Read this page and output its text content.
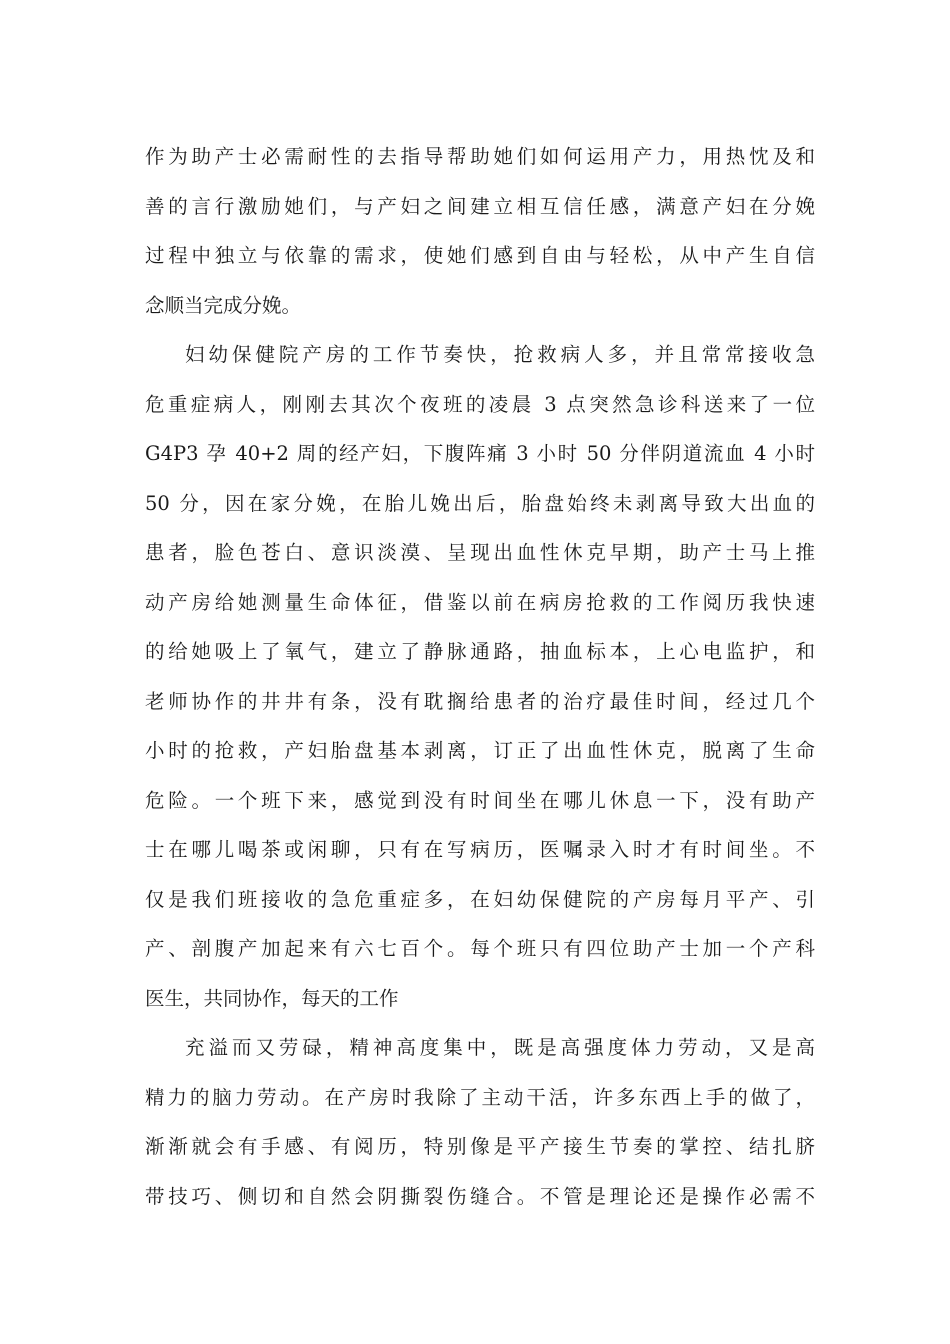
作为助产士必需耐性的去指导帮助她们如何运用产力，用热忱及和
善的言行激励她们，与产妇之间建立相互信任感，满意产妇在分娩
过程中独立与依靠的需求，使她们感到自由与轻松，从中产生自信
念顺当完成分娩。

妇幼保健院产房的工作节奏快，抢救病人多，并且常常接收急
危重症病人，刚刚去其次个夜班的凌晨 3 点突然急诊科送来了一位
G4P3 孕 40+2 周的经产妇，下腹阵痛 3 小时 50 分伴阴道流血 4 小时
50 分，因在家分娩，在胎儿娩出后，胎盘始终未剥离导致大出血的
患者，脸色苍白、意识淡漠、呈现出血性休克早期，助产士马上推
动产房给她测量生命体征，借鉴以前在病房抢救的工作阅历我快速
的给她吸上了氧气，建立了静脉通路，抽血标本，上心电监护，和
老师协作的井井有条，没有耽搁给患者的治疗最佳时间，经过几个
小时的抢救，产妇胎盘基本剥离，订正了出血性休克，脱离了生命
危险。一个班下来，感觉到没有时间坐在哪儿休息一下，没有助产
士在哪儿喝茶或闲聊，只有在写病历，医嘱录入时才有时间坐。不
仅是我们班接收的急危重症多，在妇幼保健院的产房每月平产、引
产、剖腹产加起来有六七百个。每个班只有四位助产士加一个产科
医生，共同协作，每天的工作

充溢而又劳碌，精神高度集中，既是高强度体力劳动，又是高
精力的脑力劳动。在产房时我除了主动干活，许多东西上手的做了，
渐渐就会有手感、有阅历，特别像是平产接生节奏的掌控、结扎脐
带技巧、侧切和自然会阴撕裂伤缝合。不管是理论还是操作必需不
